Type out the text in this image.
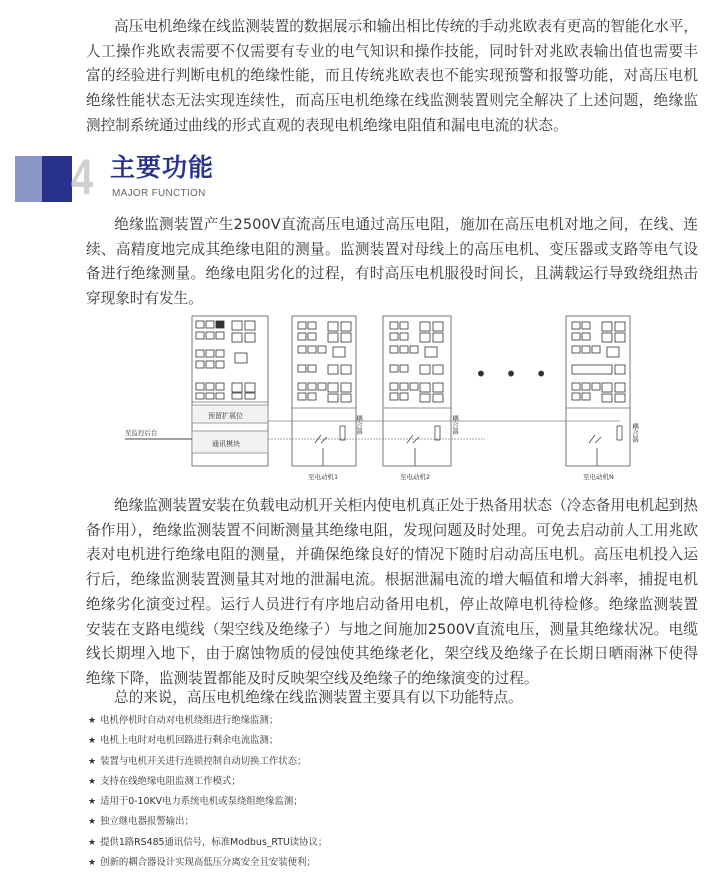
高压电机绝缘在线监测装置的数据展示和输出相比传统的手动兆欧表有更高的智能化水平，人工操作兆欧表需要不仅需要有专业的电气知识和操作技能，同时针对兆欧表输出值也需要丰富的经验进行判断电机的绝缘性能，而且传统兆欧表也不能实现预警和报警功能，对高压电机绝缘性能状态无法实现连续性，而高压电机绝缘在线监测装置则完全解决了上述问题，绝缘监测控制系统通过曲线的形式直观的表现电机绝缘电阻值和漏电电流的状态。

4 主要功能
MAJOR FUNCTION

绝缘监测装置产生2500V直流高压电通过高压电阻，施加在高压电机对地之间，在线、连续、高精度地完成其绝缘电阻的测量。监测装置对母线上的高压电机、变压器或支路等电气设备进行绝缘测量。绝缘电阻劣化的过程，有时高压电机服役时间长，且满载运行导致绕组热击穿现象时有发生。

预留扩展位
通讯模块
至监控后台	耦合器
至电动机1
耦合器
至电动机2
• • •
耦合器
至电动机N

绝缘监测装置安装在负载电动机开关柜内使电机真正处于热备用状态（冷态备用电机起到热备作用），绝缘监测装置不间断测量其绝缘电阻，发现问题及时处理。可免去启动前人工用兆欧表对电机进行绝缘电阻的测量，并确保绝缘良好的情况下随时启动高压电机。高压电机投入运行后，绝缘监测装置测量其对地的泄漏电流。根据泄漏电流的增大幅值和增大斜率，捕捉电机绝缘劣化演变过程。运行人员进行有序地启动备用电机，停止故障电机待检修。绝缘监测装置安装在支路电缆线（架空线及绝缘子）与地之间施加2500V直流电压，测量其绝缘状况。电缆线长期埋入地下，由于腐蚀物质的侵蚀使其绝缘老化，架空线及绝缘子在长期日晒雨淋下使得绝缘下降，监测装置都能及时反映架空线及绝缘子的绝缘演变的过程。

总的来说，高压电机绝缘在线监测装置主要具有以下功能特点。

★ 电机停机时自动对电机绕组进行绝缘监测；
★ 电机上电时对电机回路进行剩余电流监测；
★ 装置与电机开关进行连锁控制自动切换工作状态；
★ 支持在线绝缘电阻监测工作模式；
★ 适用于0-10KV电力系统电机或泵绕组绝缘监测；
★ 独立继电器报警输出；
★ 提供1路RS485通讯信号，标准Modbus_RTU读协议；
★ 创新的耦合器设计实现高低压分离安全且安装便利；
